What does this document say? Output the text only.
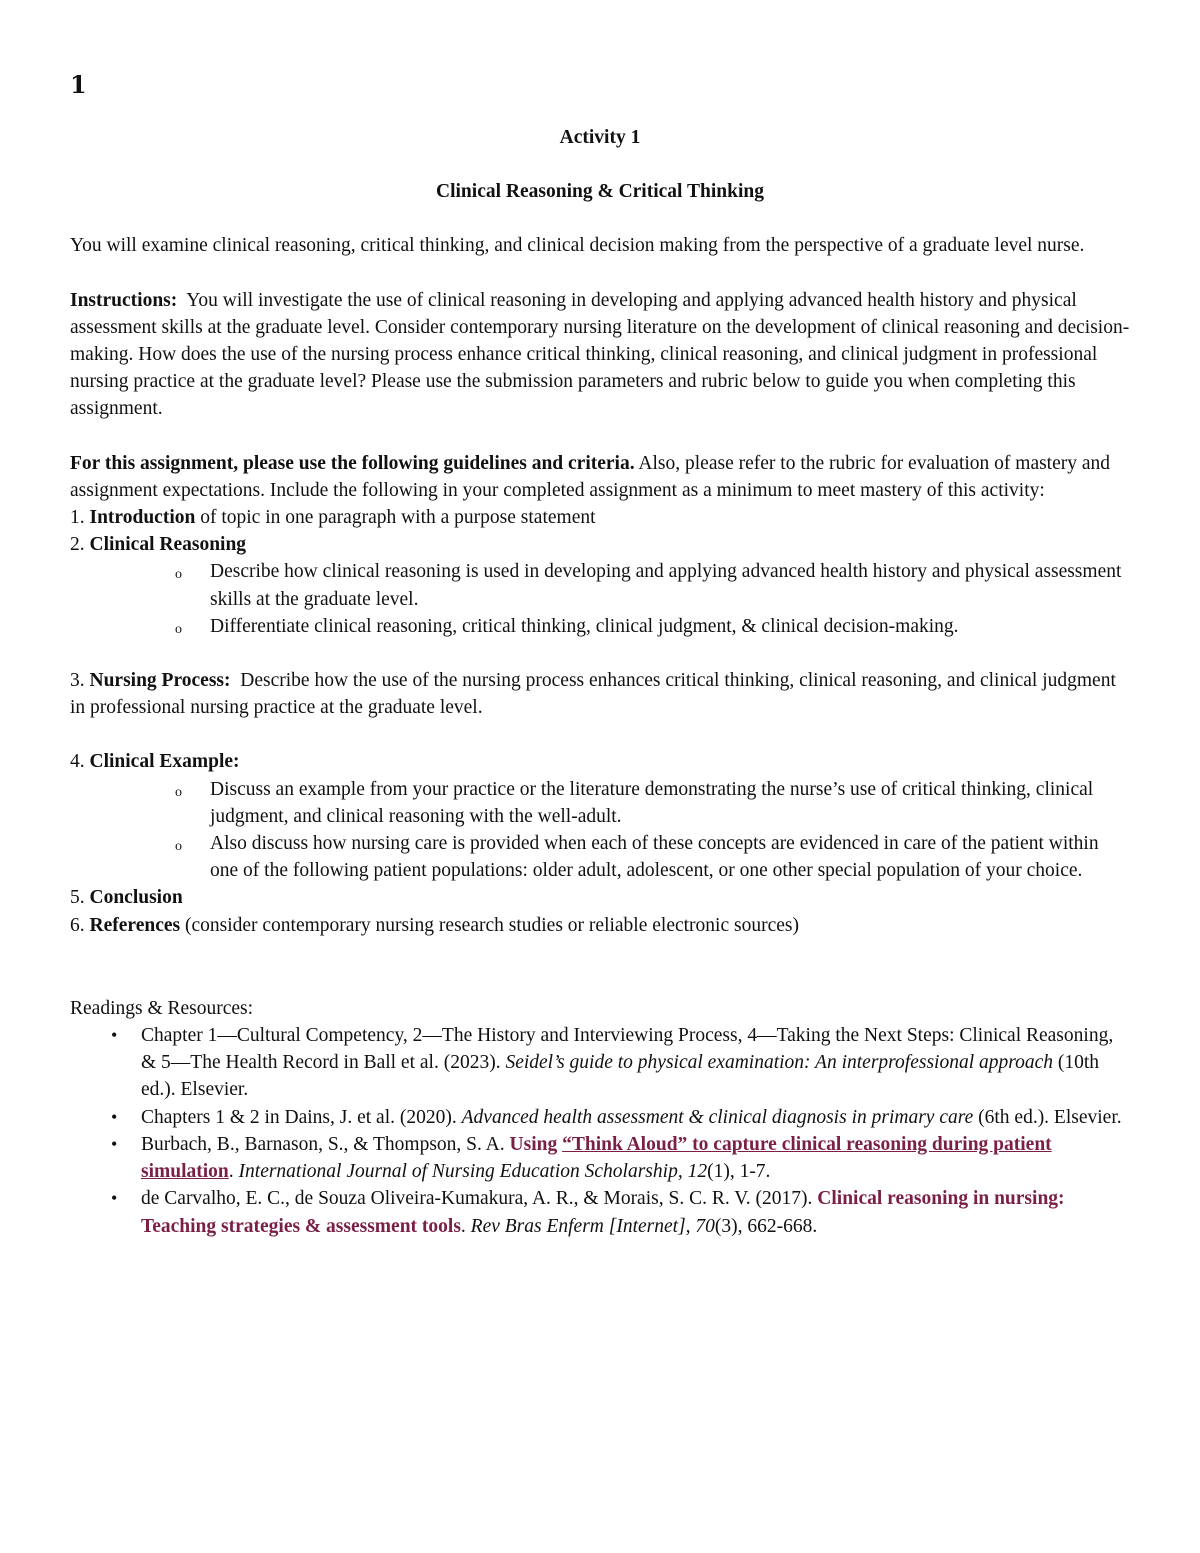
1

Activity 1

Clinical Reasoning & Critical Thinking

You will examine clinical reasoning, critical thinking, and clinical decision making from the perspective of a graduate level nurse.

Instructions: You will investigate the use of clinical reasoning in developing and applying advanced health history and physical assessment skills at the graduate level. Consider contemporary nursing literature on the development of clinical reasoning and decision-making. How does the use of the nursing process enhance critical thinking, clinical reasoning, and clinical judgment in professional nursing practice at the graduate level? Please use the submission parameters and rubric below to guide you when completing this assignment.

For this assignment, please use the following guidelines and criteria. Also, please refer to the rubric for evaluation of mastery and assignment expectations. Include the following in your completed assignment as a minimum to meet mastery of this activity:

1. Introduction of topic in one paragraph with a purpose statement
2. Clinical Reasoning
o Describe how clinical reasoning is used in developing and applying advanced health history and physical assessment skills at the graduate level.
o Differentiate clinical reasoning, critical thinking, clinical judgment, & clinical decision-making.
3. Nursing Process: Describe how the use of the nursing process enhances critical thinking, clinical reasoning, and clinical judgment in professional nursing practice at the graduate level.
4. Clinical Example:
o Discuss an example from your practice or the literature demonstrating the nurse’s use of critical thinking, clinical judgment, and clinical reasoning with the well-adult.
o Also discuss how nursing care is provided when each of these concepts are evidenced in care of the patient within one of the following patient populations: older adult, adolescent, or one other special population of your choice.
5. Conclusion
6. References (consider contemporary nursing research studies or reliable electronic sources)

Readings & Resources:

• Chapter 1—Cultural Competency, 2—The History and Interviewing Process, 4—Taking the Next Steps: Clinical Reasoning, & 5—The Health Record in Ball et al. (2023). Seidel’s guide to physical examination: An interprofessional approach (10th ed.). Elsevier.
• Chapters 1 & 2 in Dains, J. et al. (2020). Advanced health assessment & clinical diagnosis in primary care (6th ed.). Elsevier.
• Burbach, B., Barnason, S., & Thompson, S. A. Using “Think Aloud” to capture clinical reasoning during patient simulation. International Journal of Nursing Education Scholarship, 12(1), 1-7.
• de Carvalho, E. C., de Souza Oliveira-Kumakura, A. R., & Morais, S. C. R. V. (2017). Clinical reasoning in nursing: Teaching strategies & assessment tools. Rev Bras Enferm [Internet], 70(3), 662-668.
